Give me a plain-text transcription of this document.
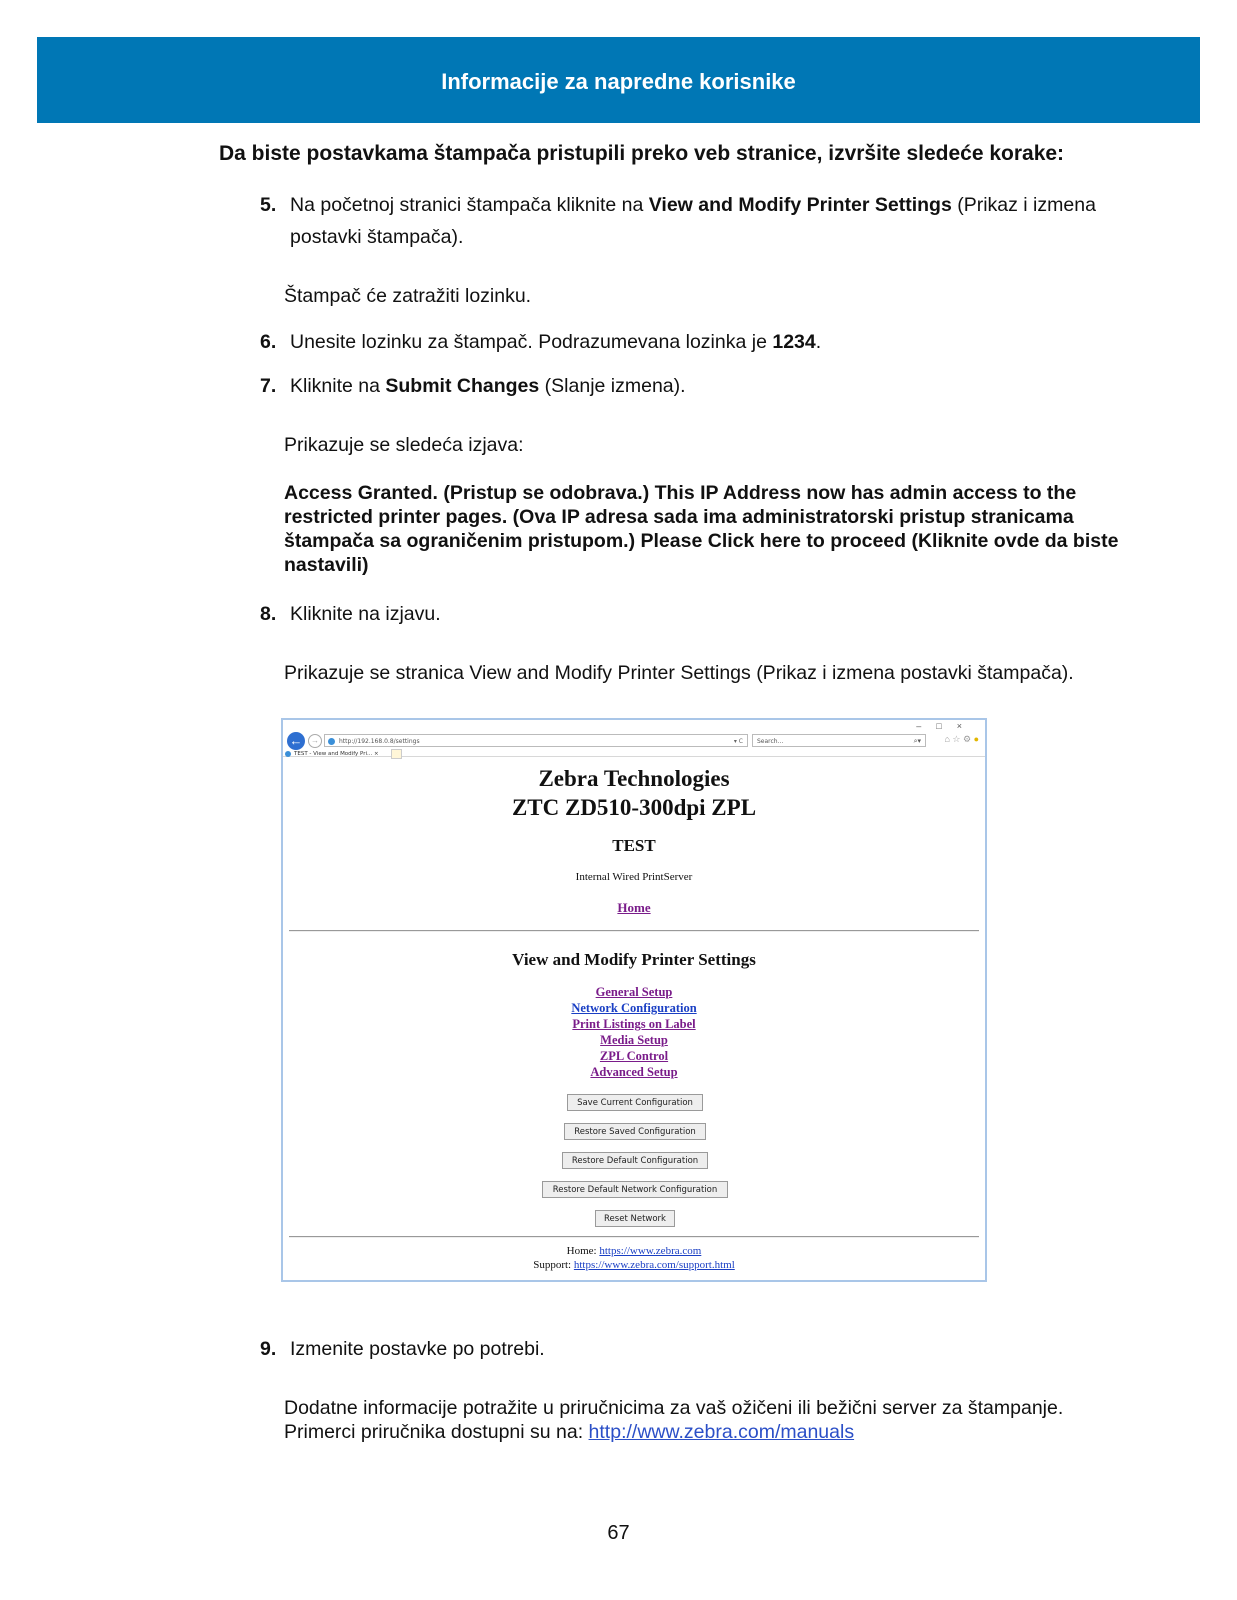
Informacije za napredne korisnike
Da biste postavkama štampača pristupili preko veb stranice, izvršite sledeće korake:
5. Na početnoj stranici štampača kliknite na View and Modify Printer Settings (Prikaz i izmena
postavki štampača).
Štampač će zatražiti lozinku.
6. Unesite lozinku za štampač. Podrazumevana lozinka je 1234.
7. Kliknite na Submit Changes (Slanje izmena).
Prikazuje se sledeća izjava:
Access Granted. (Pristup se odobrava.) This IP Address now has admin access to the
restricted printer pages. (Ova IP adresa sada ima administratorski pristup stranicama
štampača sa ograničenim pristupom.) Please Click here to proceed (Kliknite ovde da biste
nastavili)
8. Kliknite na izjavu.
Prikazuje se stranica View and Modify Printer Settings (Prikaz i izmena postavki štampača).
←	→	http://192.168.0.8/settings	▾ C	Search...	⌕▾
–□×
⌂ ☆ ⚙ ●
TEST - View and Modify Pri... ×
Zebra Technologies
ZTC ZD510-300dpi ZPL
TEST
Internal Wired PrintServer
Home
View and Modify Printer Settings
General Setup
Network Configuration
Print Listings on Label
Media Setup
ZPL Control
Advanced Setup
Save Current Configuration
Restore Saved Configuration
Restore Default Configuration
Restore Default Network Configuration
Reset Network
Home: https://www.zebra.com
Support: https://www.zebra.com/support.html
9. Izmenite postavke po potrebi.
Dodatne informacije potražite u priručnicima za vaš ožičeni ili bežični server za štampanje.
Primerci priručnika dostupni su na: http://www.zebra.com/manuals
67
